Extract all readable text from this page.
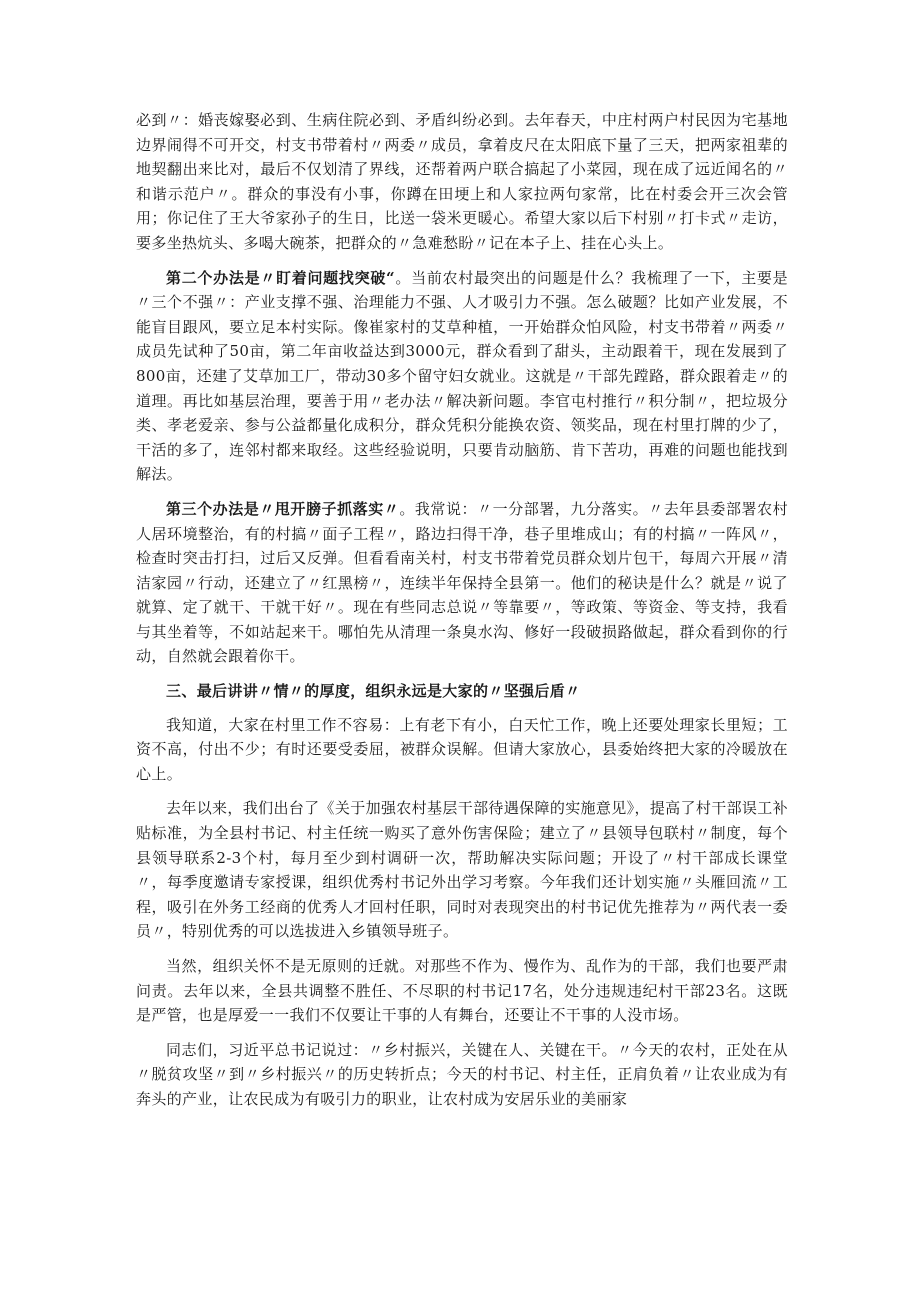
必到〃：婚丧嫁娶必到、生病住院必到、矛盾纠纷必到。去年春天，中庄村两户村民因为宅基地边界闹得不可开交，村支书带着村〃两委〃成员，拿着皮尺在太阳底下量了三天，把两家祖辈的地契翻出来比对，最后不仅划清了界线，还帮着两户联合搞起了小菜园，现在成了远近闻名的〃和谐示范户〃。群众的事没有小事，你蹲在田埂上和人家拉两句家常，比在村委会开三次会管用；你记住了王大爷家孙子的生日，比送一袋米更暖心。希望大家以后下村别〃打卡式〃走访，要多坐热炕头、多喝大碗茶，把群众的〃急难愁盼〃记在本子上、挂在心头上。

第二个办法是〃盯着问题找突破“。当前农村最突出的问题是什么？我梳理了一下，主要是〃三个不强〃：产业支撑不强、治理能力不强、人才吸引力不强。怎么破题？比如产业发展，不能盲目跟风，要立足本村实际。像崔家村的艾草种植，一开始群众怕风险，村支书带着〃两委〃成员先试种了50亩，第二年亩收益达到3000元，群众看到了甜头，主动跟着干，现在发展到了800亩，还建了艾草加工厂，带动30多个留守妇女就业。这就是〃干部先蹚路，群众跟着走〃的道理。再比如基层治理，要善于用〃老办法〃解决新问题。李官屯村推行〃积分制〃，把垃圾分类、孝老爱亲、参与公益都量化成积分，群众凭积分能换农资、领奖品，现在村里打牌的少了，干活的多了，连邻村都来取经。这些经验说明，只要肯动脑筋、肯下苦功，再难的问题也能找到解法。

第三个办法是〃甩开膀子抓落实〃。我常说：〃一分部署，九分落实。〃去年县委部署农村人居环境整治，有的村搞〃面子工程〃，路边扫得干净，巷子里堆成山；有的村搞〃一阵风〃，检查时突击打扫，过后又反弹。但看看南关村，村支书带着党员群众划片包干，每周六开展〃清洁家园〃行动，还建立了〃红黑榜〃，连续半年保持全县第一。他们的秘诀是什么？就是〃说了就算、定了就干、干就干好〃。现在有些同志总说〃等靠要〃，等政策、等资金、等支持，我看与其坐着等，不如站起来干。哪怕先从清理一条臭水沟、修好一段破损路做起，群众看到你的行动，自然就会跟着你干。

三、最后讲讲〃情〃的厚度，组织永远是大家的〃坚强后盾〃

我知道，大家在村里工作不容易：上有老下有小，白天忙工作，晚上还要处理家长里短；工资不高，付出不少；有时还要受委屈，被群众误解。但请大家放心，县委始终把大家的冷暖放在心上。

去年以来，我们出台了《关于加强农村基层干部待遇保障的实施意见》，提高了村干部误工补贴标准，为全县村书记、村主任统一购买了意外伤害保险；建立了〃县领导包联村〃制度，每个县领导联系2-3个村，每月至少到村调研一次，帮助解决实际问题；开设了〃村干部成长课堂〃，每季度邀请专家授课，组织优秀村书记外出学习考察。今年我们还计划实施〃头雁回流〃工程，吸引在外务工经商的优秀人才回村任职，同时对表现突出的村书记优先推荐为〃两代表一委员〃，特别优秀的可以选拔进入乡镇领导班子。

当然，组织关怀不是无原则的迁就。对那些不作为、慢作为、乱作为的干部，我们也要严肃问责。去年以来，全县共调整不胜任、不尽职的村书记17名，处分违规违纪村干部23名。这既是严管，也是厚爱一一我们不仅要让干事的人有舞台，还要让不干事的人没市场。

同志们，习近平总书记说过：〃乡村振兴，关键在人、关键在干。〃今天的农村，正处在从〃脱贫攻坚〃到〃乡村振兴〃的历史转折点；今天的村书记、村主任，正肩负着〃让农业成为有奔头的产业，让农民成为有吸引力的职业，让农村成为安居乐业的美丽家
